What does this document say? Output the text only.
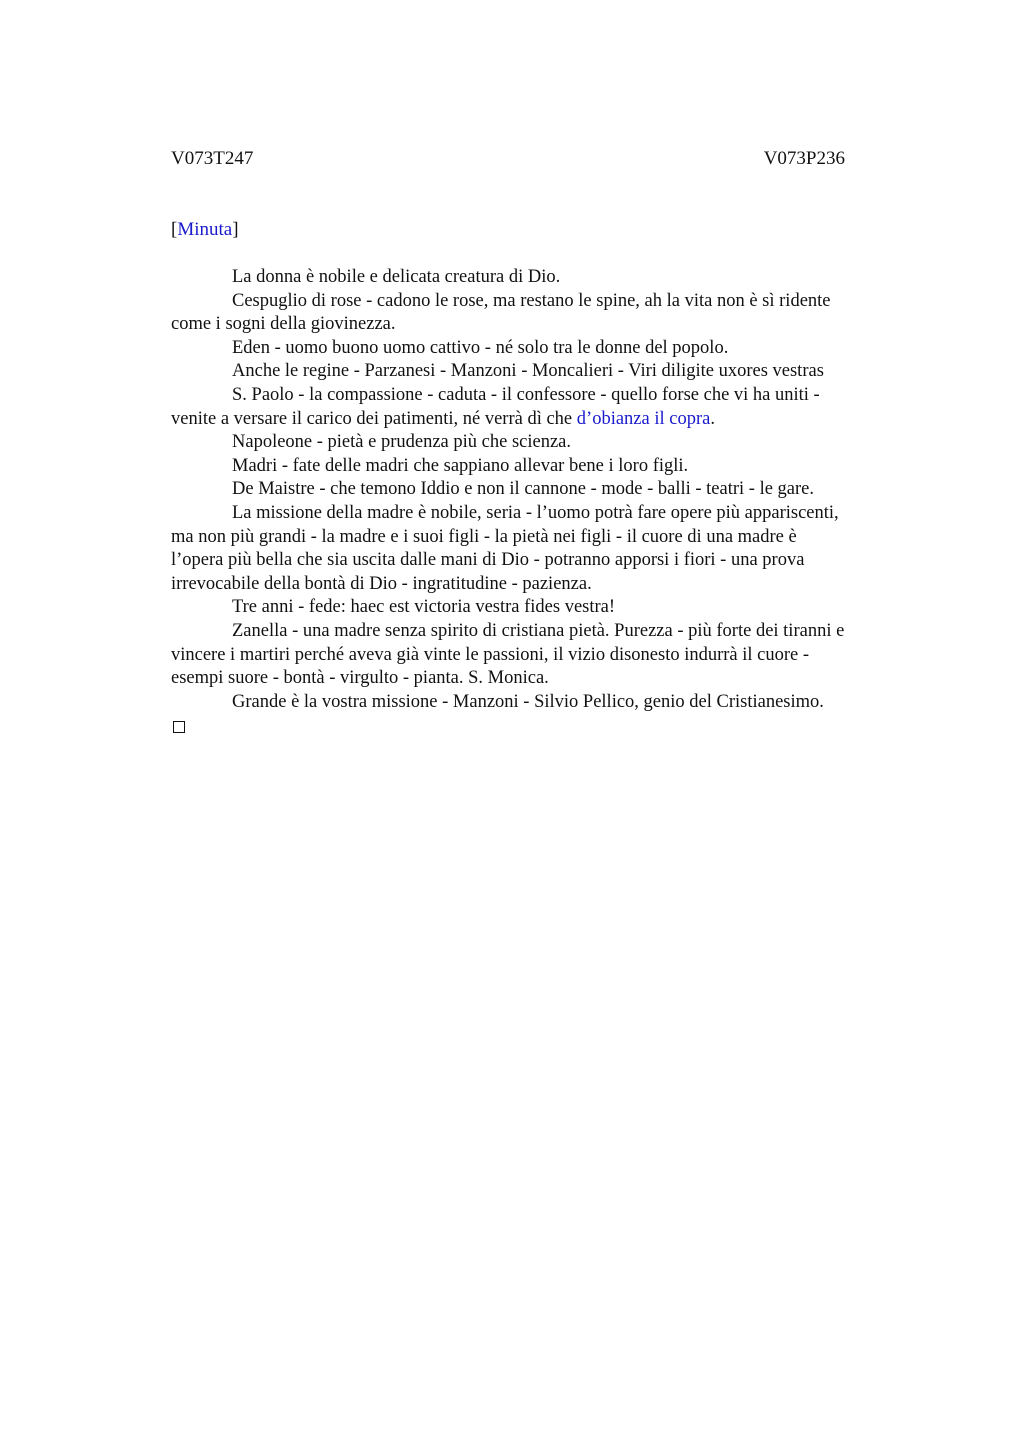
V073T247	V073P236
[Minuta]

La donna è nobile e delicata creatura di Dio.

Cespuglio di rose - cadono le rose, ma restano le spine, ah la vita non è sì ridente
come i sogni della giovinezza.

Eden - uomo buono uomo cattivo - né solo tra le donne del popolo.

Anche le regine - Parzanesi - Manzoni - Moncalieri - Viri diligite uxores vestras

S. Paolo - la compassione - caduta - il confessore - quello forse che vi ha uniti -
venite a versare il carico dei patimenti, né verrà dì che d’obianza il copra.

Napoleone - pietà e prudenza più che scienza.

Madri - fate delle madri che sappiano allevar bene i loro figli.

De Maistre - che temono Iddio e non il cannone - mode - balli - teatri - le gare.

La missione della madre è nobile, seria - l’uomo potrà fare opere più appariscenti,
ma non più grandi - la madre e i suoi figli - la pietà nei figli - il cuore di una madre è
l’opera più bella che sia uscita dalle mani di Dio - potranno apporsi i fiori - una prova
irrevocabile della bontà di Dio - ingratitudine - pazienza.

Tre anni - fede: haec est victoria vestra fides vestra!

Zanella - una madre senza spirito di cristiana pietà. Purezza - più forte dei tiranni e
vincere i martiri perché aveva già vinte le passioni, il vizio disonesto indurrà il cuore -
esempi suore - bontà - virgulto - pianta. S. Monica.

Grande è la vostra missione - Manzoni - Silvio Pellico, genio del Cristianesimo.
